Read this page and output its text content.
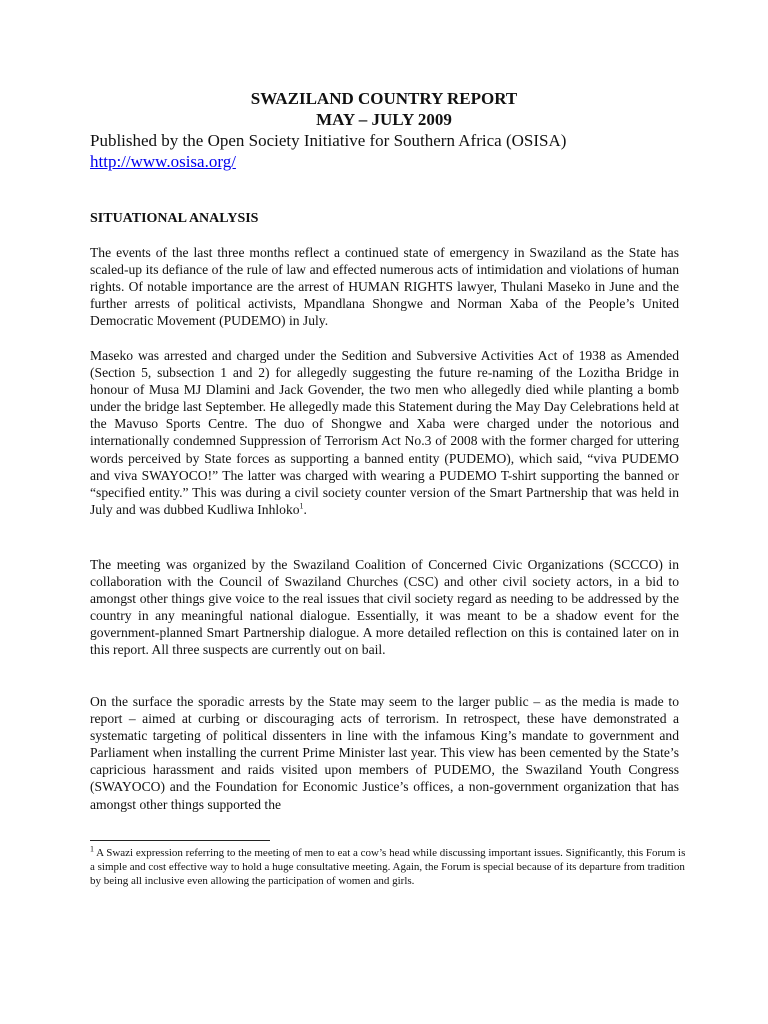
SWAZILAND COUNTRY REPORT
MAY – JULY 2009
Published by the Open Society Initiative for Southern Africa (OSISA)
http://www.osisa.org/
SITUATIONAL ANALYSIS

The events of the last three months reflect a continued state of emergency in Swaziland as the State has scaled-up its defiance of the rule of law and effected numerous acts of intimidation and violations of human rights. Of notable importance are the arrest of HUMAN RIGHTS lawyer, Thulani Maseko in June and the further arrests of political activists, Mpandlana Shongwe and Norman Xaba of the People’s United Democratic Movement (PUDEMO) in July.

Maseko was arrested and charged under the Sedition and Subversive Activities Act of 1938 as Amended (Section 5, subsection 1 and 2) for allegedly suggesting the future re-naming of the Lozitha Bridge in honour of Musa MJ Dlamini and Jack Govender, the two men who allegedly died while planting a bomb under the bridge last September. He allegedly made this Statement during the May Day Celebrations held at the Mavuso Sports Centre. The duo of Shongwe and Xaba were charged under the notorious and internationally condemned Suppression of Terrorism Act No.3 of 2008 with the former charged for uttering words perceived by State forces as supporting a banned entity (PUDEMO), which said, “viva PUDEMO and viva SWAYOCO!” The latter was charged with wearing a PUDEMO T-shirt supporting the banned or “specified entity.” This was during a civil society counter version of the Smart Partnership that was held in July and was dubbed Kudliwa Inhloko$^1$.

The meeting was organized by the Swaziland Coalition of Concerned Civic Organizations (SCCCO) in collaboration with the Council of Swaziland Churches (CSC) and other civil society actors, in a bid to amongst other things give voice to the real issues that civil society regard as needing to be addressed by the country in any meaningful national dialogue. Essentially, it was meant to be a shadow event for the government-planned Smart Partnership dialogue. A more detailed reflection on this is contained later on in this report. All three suspects are currently out on bail.

On the surface the sporadic arrests by the State may seem to the larger public – as the media is made to report – aimed at curbing or discouraging acts of terrorism. In retrospect, these have demonstrated a systematic targeting of political dissenters in line with the infamous King’s mandate to government and Parliament when installing the current Prime Minister last year. This view has been cemented by the State’s capricious harassment and raids visited upon members of PUDEMO, the Swaziland Youth Congress (SWAYOCO) and the Foundation for Economic Justice’s offices, a non-government organization that has amongst other things supported the

$^1$ A Swazi expression referring to the meeting of men to eat a cow’s head while discussing important issues. Significantly, this Forum is a simple and cost effective way to hold a huge consultative meeting. Again, the Forum is special because of its departure from tradition by being all inclusive even allowing the participation of women and girls.
